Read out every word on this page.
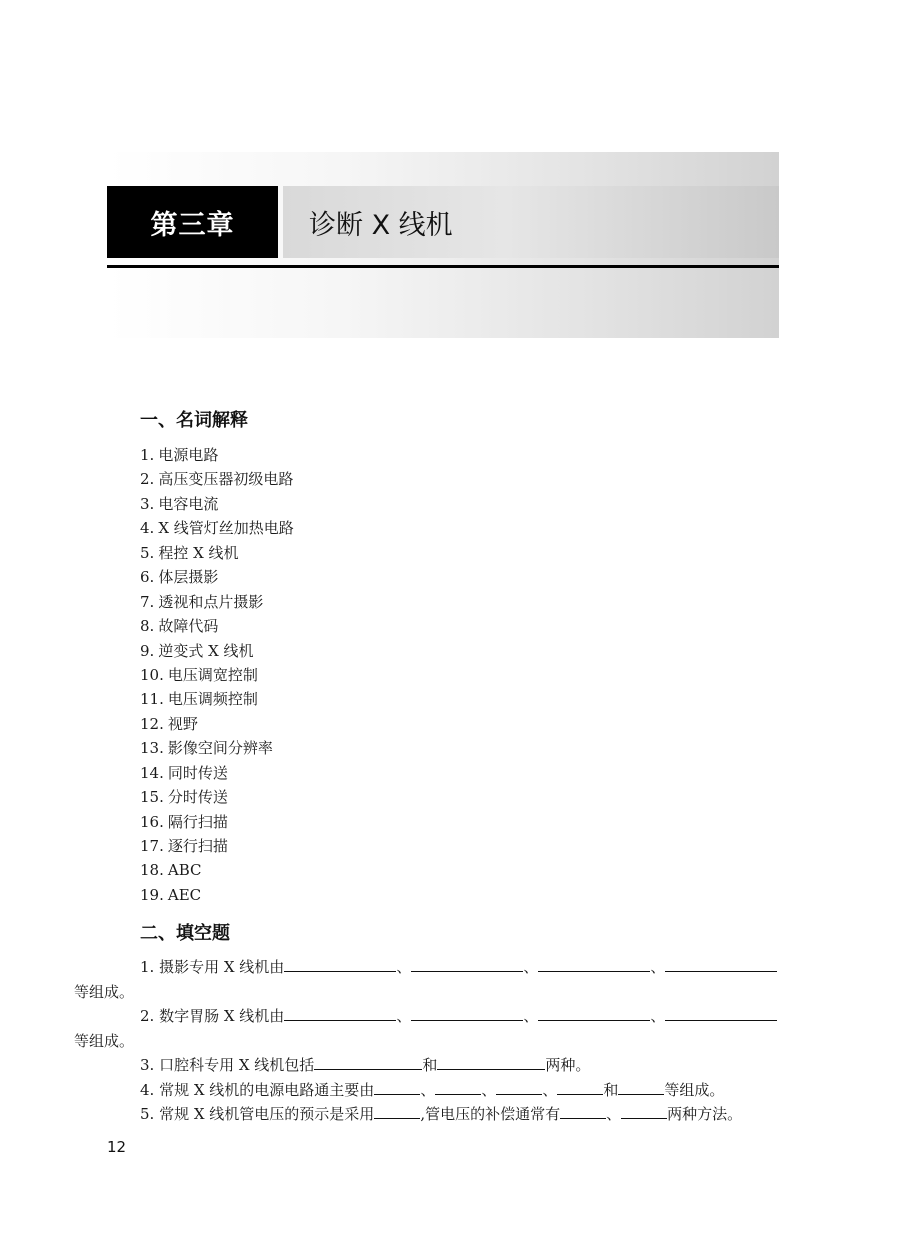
第三章	诊断 X 线机
一、名词解释
1. 电源电路
2. 高压变压器初级电路
3. 电容电流
4. X 线管灯丝加热电路
5. 程控 X 线机
6. 体层摄影
7. 透视和点片摄影
8. 故障代码
9. 逆变式 X 线机
10. 电压调宽控制
11. 电压调频控制
12. 视野
13. 影像空间分辨率
14. 同时传送
15. 分时传送
16. 隔行扫描
17. 逐行扫描
18. ABC
19. AEC
二、填空题

1. 摄影专用 X 线机由	、	、	、
等组成。

2. 数字胃肠 X 线机由	、	、	、
等组成。

3. 口腔科专用 X 线机包括	和	两种。

4. 常规 X 线机的电源电路通主要由	、	、	、	和	等组成。

5. 常规 X 线机管电压的预示是采用	,管电压的补偿通常有	、	两种方法。

12
